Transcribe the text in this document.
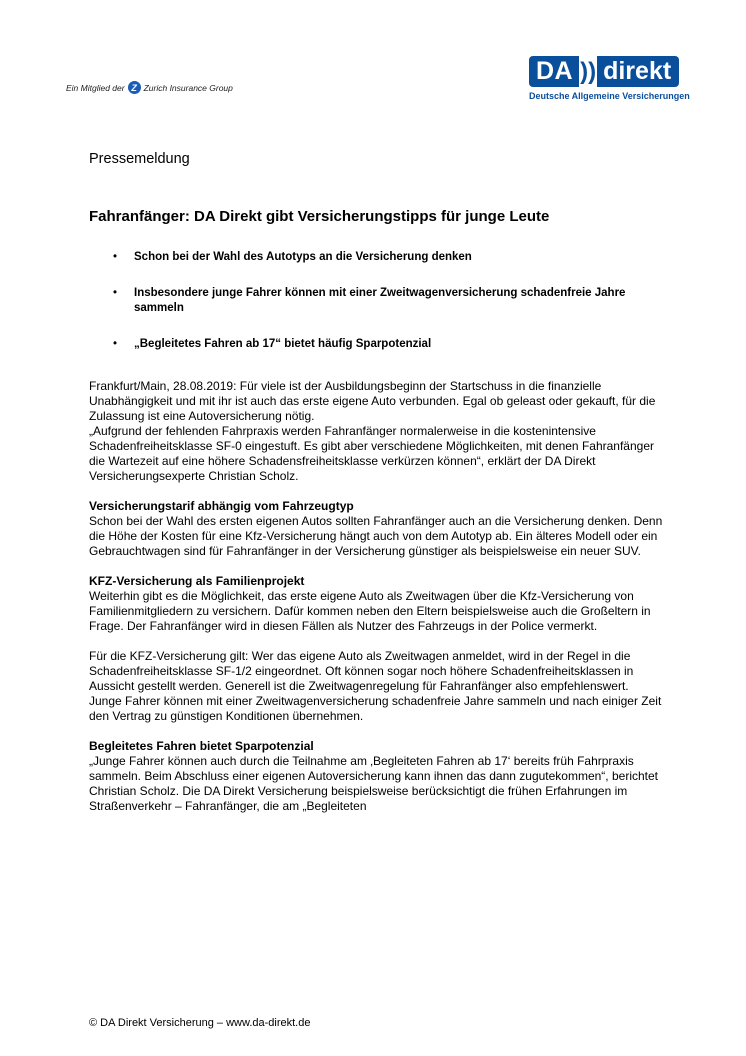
Ein Mitglied der Z Zurich Insurance Group
DA )) direkt
Deutsche Allgemeine Versicherungen
Pressemeldung
Fahranfänger: DA Direkt gibt Versicherungstipps für junge Leute
• Schon bei der Wahl des Autotyps an die Versicherung denken
• Insbesondere junge Fahrer können mit einer Zweitwagenversicherung schadenfreie Jahre sammeln
• „Begleitetes Fahren ab 17“ bietet häufig Sparpotenzial

Frankfurt/Main, 28.08.2019: Für viele ist der Ausbildungsbeginn der Startschuss in die finanzielle Unabhängigkeit und mit ihr ist auch das erste eigene Auto verbunden. Egal ob geleast oder gekauft, für die Zulassung ist eine Autoversicherung nötig.

„Aufgrund der fehlenden Fahrpraxis werden Fahranfänger normalerweise in die kostenintensive Schadenfreiheitsklasse SF-0 eingestuft. Es gibt aber verschiedene Möglichkeiten, mit denen Fahranfänger die Wartezeit auf eine höhere Schadensfreiheitsklasse verkürzen können“, erklärt der DA Direkt Versicherungsexperte Christian Scholz.

Versicherungstarif abhängig vom Fahrzeugtyp

Schon bei der Wahl des ersten eigenen Autos sollten Fahranfänger auch an die Versicherung denken. Denn die Höhe der Kosten für eine Kfz-Versicherung hängt auch von dem Autotyp ab. Ein älteres Modell oder ein Gebrauchtwagen sind für Fahranfänger in der Versicherung günstiger als beispielsweise ein neuer SUV.

KFZ-Versicherung als Familienprojekt

Weiterhin gibt es die Möglichkeit, das erste eigene Auto als Zweitwagen über die Kfz-Versicherung von Familienmitgliedern zu versichern. Dafür kommen neben den Eltern beispielsweise auch die Großeltern in Frage. Der Fahranfänger wird in diesen Fällen als Nutzer des Fahrzeugs in der Police vermerkt.

Für die KFZ-Versicherung gilt: Wer das eigene Auto als Zweitwagen anmeldet, wird in der Regel in die Schadenfreiheitsklasse SF-1/2 eingeordnet. Oft können sogar noch höhere Schadenfreiheitsklassen in Aussicht gestellt werden. Generell ist die Zweitwagenregelung für Fahranfänger also empfehlenswert. Junge Fahrer können mit einer Zweitwagenversicherung schadenfreie Jahre sammeln und nach einiger Zeit den Vertrag zu günstigen Konditionen übernehmen.

Begleitetes Fahren bietet Sparpotenzial

„Junge Fahrer können auch durch die Teilnahme am ‚Begleiteten Fahren ab 17‘ bereits früh Fahrpraxis sammeln. Beim Abschluss einer eigenen Autoversicherung kann ihnen das dann zugutekommen“, berichtet Christian Scholz. Die DA Direkt Versicherung beispielsweise berücksichtigt die frühen Erfahrungen im Straßenverkehr – Fahranfänger, die am „Begleiteten

© DA Direkt Versicherung – www.da-direkt.de
